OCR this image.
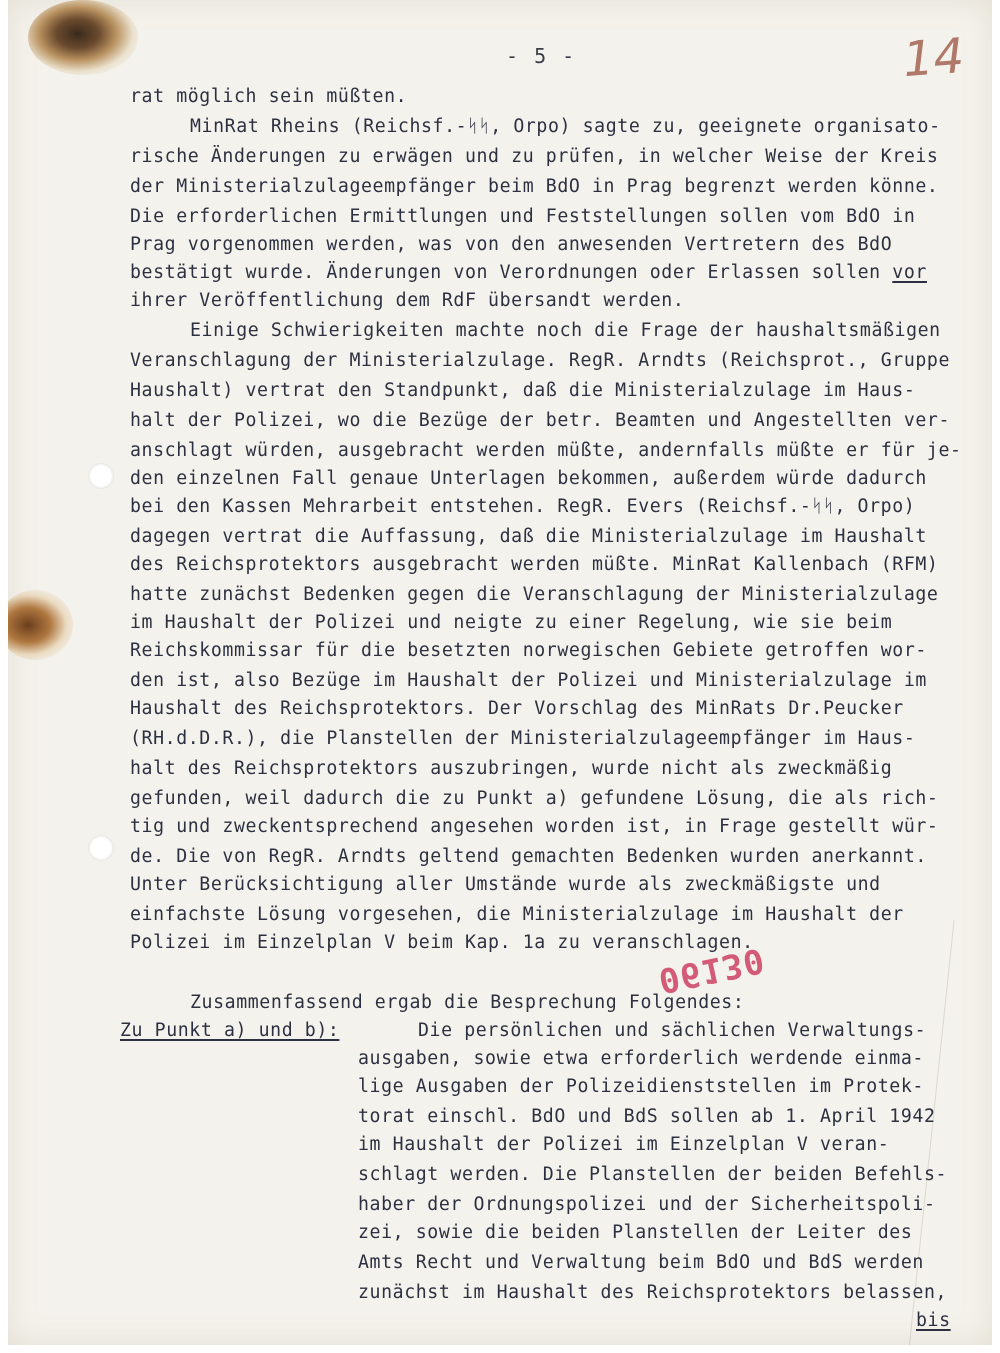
- 5 -	14
06130
rat möglich sein müßten.
MinRat Rheins (Reichsf.-ᛋᛋ, Orpo) sagte zu, geeignete organisato-
rische Änderungen zu erwägen und zu prüfen, in welcher Weise der Kreis
der Ministerialzulageempfänger beim BdO in Prag begrenzt werden könne.
Die erforderlichen Ermittlungen und Feststellungen sollen vom BdO in
Prag vorgenommen werden, was von den anwesenden Vertretern des BdO
bestätigt wurde. Änderungen von Verordnungen oder Erlassen sollen vor
ihrer Veröffentlichung dem RdF übersandt werden.
Einige Schwierigkeiten machte noch die Frage der haushaltsmäßigen
Veranschlagung der Ministerialzulage. RegR. Arndts (Reichsprot., Gruppe
Haushalt) vertrat den Standpunkt, daß die Ministerialzulage im Haus-
halt der Polizei, wo die Bezüge der betr. Beamten und Angestellten ver-
anschlagt würden, ausgebracht werden müßte, andernfalls müßte er für je-
den einzelnen Fall genaue Unterlagen bekommen, außerdem würde dadurch
bei den Kassen Mehrarbeit entstehen. RegR. Evers (Reichsf.-ᛋᛋ, Orpo)
dagegen vertrat die Auffassung, daß die Ministerialzulage im Haushalt
des Reichsprotektors ausgebracht werden müßte. MinRat Kallenbach (RFM)
hatte zunächst Bedenken gegen die Veranschlagung der Ministerialzulage
im Haushalt der Polizei und neigte zu einer Regelung, wie sie beim
Reichskommissar für die besetzten norwegischen Gebiete getroffen wor-
den ist, also Bezüge im Haushalt der Polizei und Ministerialzulage im
Haushalt des Reichsprotektors. Der Vorschlag des MinRats Dr.Peucker
(RH.d.D.R.), die Planstellen der Ministerialzulageempfänger im Haus-
halt des Reichsprotektors auszubringen, wurde nicht als zweckmäßig
gefunden, weil dadurch die zu Punkt a) gefundene Lösung, die als rich-
tig und zweckentsprechend angesehen worden ist, in Frage gestellt wür-
de. Die von RegR. Arndts geltend gemachten Bedenken wurden anerkannt.
Unter Berücksichtigung aller Umstände wurde als zweckmäßigste und
einfachste Lösung vorgesehen, die Ministerialzulage im Haushalt der
Polizei im Einzelplan V beim Kap. 1a zu veranschlagen.
Zusammenfassend ergab die Besprechung Folgendes:
Zu Punkt a) und b):	Die persönlichen und sächlichen Verwaltungs-
ausgaben, sowie etwa erforderlich werdende einma-
lige Ausgaben der Polizeidienststellen im Protek-
torat einschl. BdO und BdS sollen ab 1. April 1942
im Haushalt der Polizei im Einzelplan V veran-
schlagt werden. Die Planstellen der beiden Befehls-
haber der Ordnungspolizei und der Sicherheitspoli-
zei, sowie die beiden Planstellen der Leiter des
Amts Recht und Verwaltung beim BdO und BdS werden
zunächst im Haushalt des Reichsprotektors belassen,
bis
